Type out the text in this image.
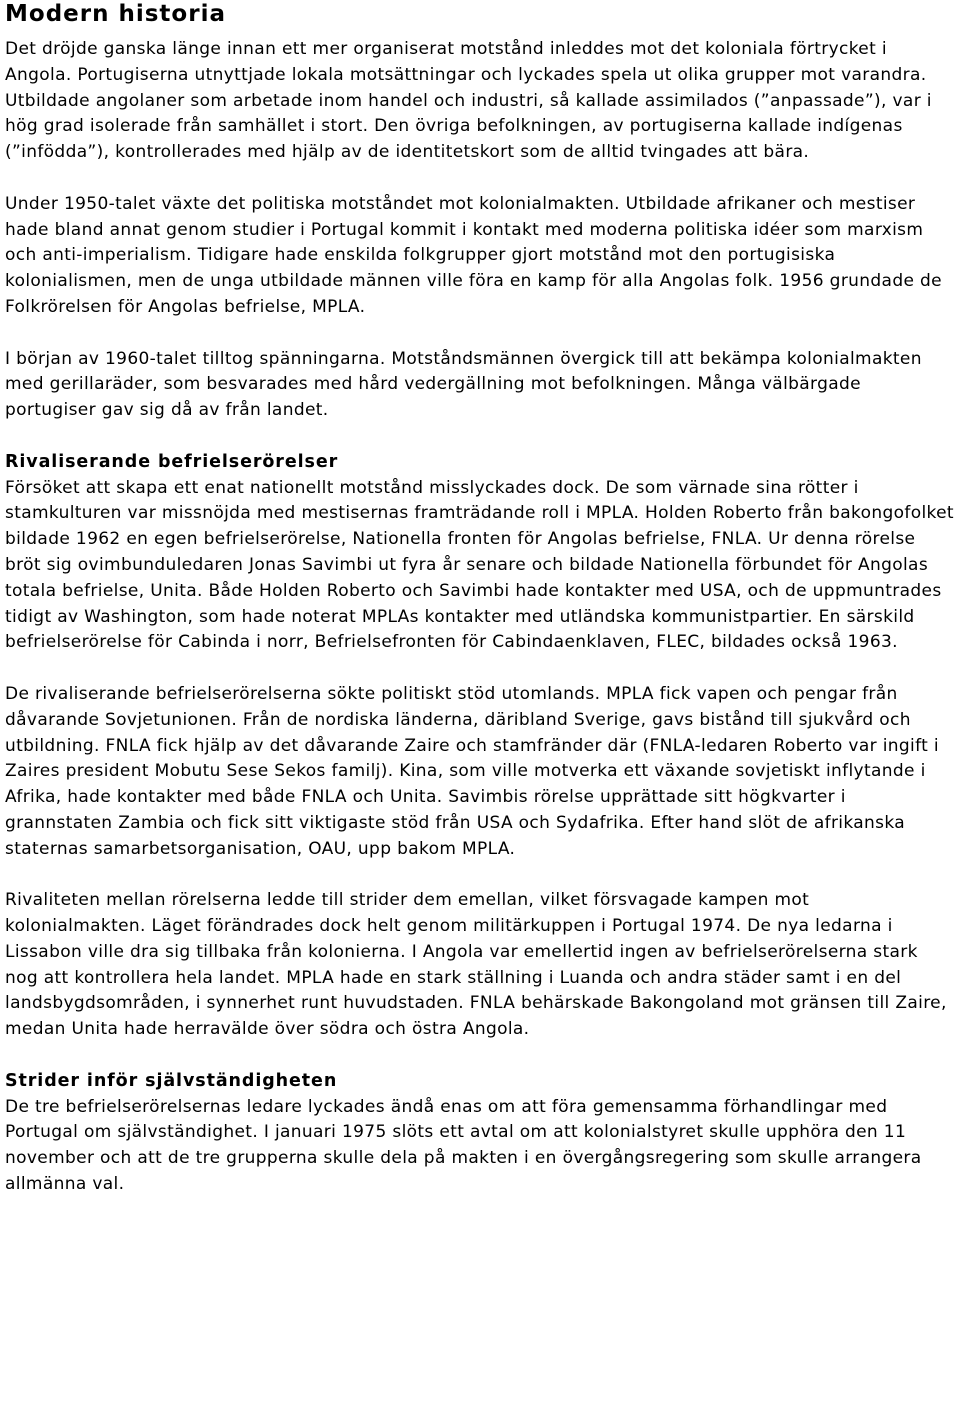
Modern historia

Det dröjde ganska länge innan ett mer organiserat motstånd inleddes mot det koloniala förtrycket i Angola. Portugiserna utnyttjade lokala motsättningar och lyckades spela ut olika grupper mot varandra. Utbildade angolaner som arbetade inom handel och industri, så kallade assimilados (”anpassade”), var i hög grad isolerade från samhället i stort. Den övriga befolkningen, av portugiserna kallade indígenas (”infödda”), kontrollerades med hjälp av de identitetskort som de alltid tvingades att bära.

Under 1950-talet växte det politiska motståndet mot kolonialmakten. Utbildade afrikaner och mestiser hade bland annat genom studier i Portugal kommit i kontakt med moderna politiska idéer som marxism och anti-imperialism. Tidigare hade enskilda folkgrupper gjort motstånd mot den portugisiska kolonialismen, men de unga utbildade männen ville föra en kamp för alla Angolas folk. 1956 grundade de Folkrörelsen för Angolas befrielse, MPLA.

I början av 1960-talet tilltog spänningarna. Motståndsmännen övergick till att bekämpa kolonialmakten med gerillaräder, som besvarades med hård vedergällning mot befolkningen. Många välbärgade portugiser gav sig då av från landet.

Rivaliserande befrielserörelser

Försöket att skapa ett enat nationellt motstånd misslyckades dock. De som värnade sina rötter i stamkulturen var missnöjda med mestisernas framträdande roll i MPLA. Holden Roberto från bakongofolket bildade 1962 en egen befrielserörelse, Nationella fronten för Angolas befrielse, FNLA. Ur denna rörelse bröt sig ovimbunduledaren Jonas Savimbi ut fyra år senare och bildade Nationella förbundet för Angolas totala befrielse, Unita. Både Holden Roberto och Savimbi hade kontakter med USA, och de uppmuntrades tidigt av Washington, som hade noterat MPLAs kontakter med utländska kommunistpartier. En särskild befrielserörelse för Cabinda i norr, Befrielsefronten för Cabindaenklaven, FLEC, bildades också 1963.

De rivaliserande befrielserörelserna sökte politiskt stöd utomlands. MPLA fick vapen och pengar från dåvarande Sovjetunionen. Från de nordiska länderna, däribland Sverige, gavs bistånd till sjukvård och utbildning. FNLA fick hjälp av det dåvarande Zaire och stamfränder där (FNLA-ledaren Roberto var ingift i Zaires president Mobutu Sese Sekos familj). Kina, som ville motverka ett växande sovjetiskt inflytande i Afrika, hade kontakter med både FNLA och Unita. Savimbis rörelse upprättade sitt högkvarter i grannstaten Zambia och fick sitt viktigaste stöd från USA och Sydafrika. Efter hand slöt de afrikanska staternas samarbetsorganisation, OAU, upp bakom MPLA.

Rivaliteten mellan rörelserna ledde till strider dem emellan, vilket försvagade kampen mot kolonialmakten. Läget förändrades dock helt genom militärkuppen i Portugal 1974. De nya ledarna i Lissabon ville dra sig tillbaka från kolonierna. I Angola var emellertid ingen av befrielserörelserna stark nog att kontrollera hela landet. MPLA hade en stark ställning i Luanda och andra städer samt i en del landsbygdsområden, i synnerhet runt huvudstaden. FNLA behärskade Bakongoland mot gränsen till Zaire, medan Unita hade herravälde över södra och östra Angola.

Strider inför självständigheten

De tre befrielserörelsernas ledare lyckades ändå enas om att föra gemensamma förhandlingar med Portugal om självständighet. I januari 1975 slöts ett avtal om att kolonialstyret skulle upphöra den 11 november och att de tre grupperna skulle dela på makten i en övergångsregering som skulle arrangera allmänna val.
